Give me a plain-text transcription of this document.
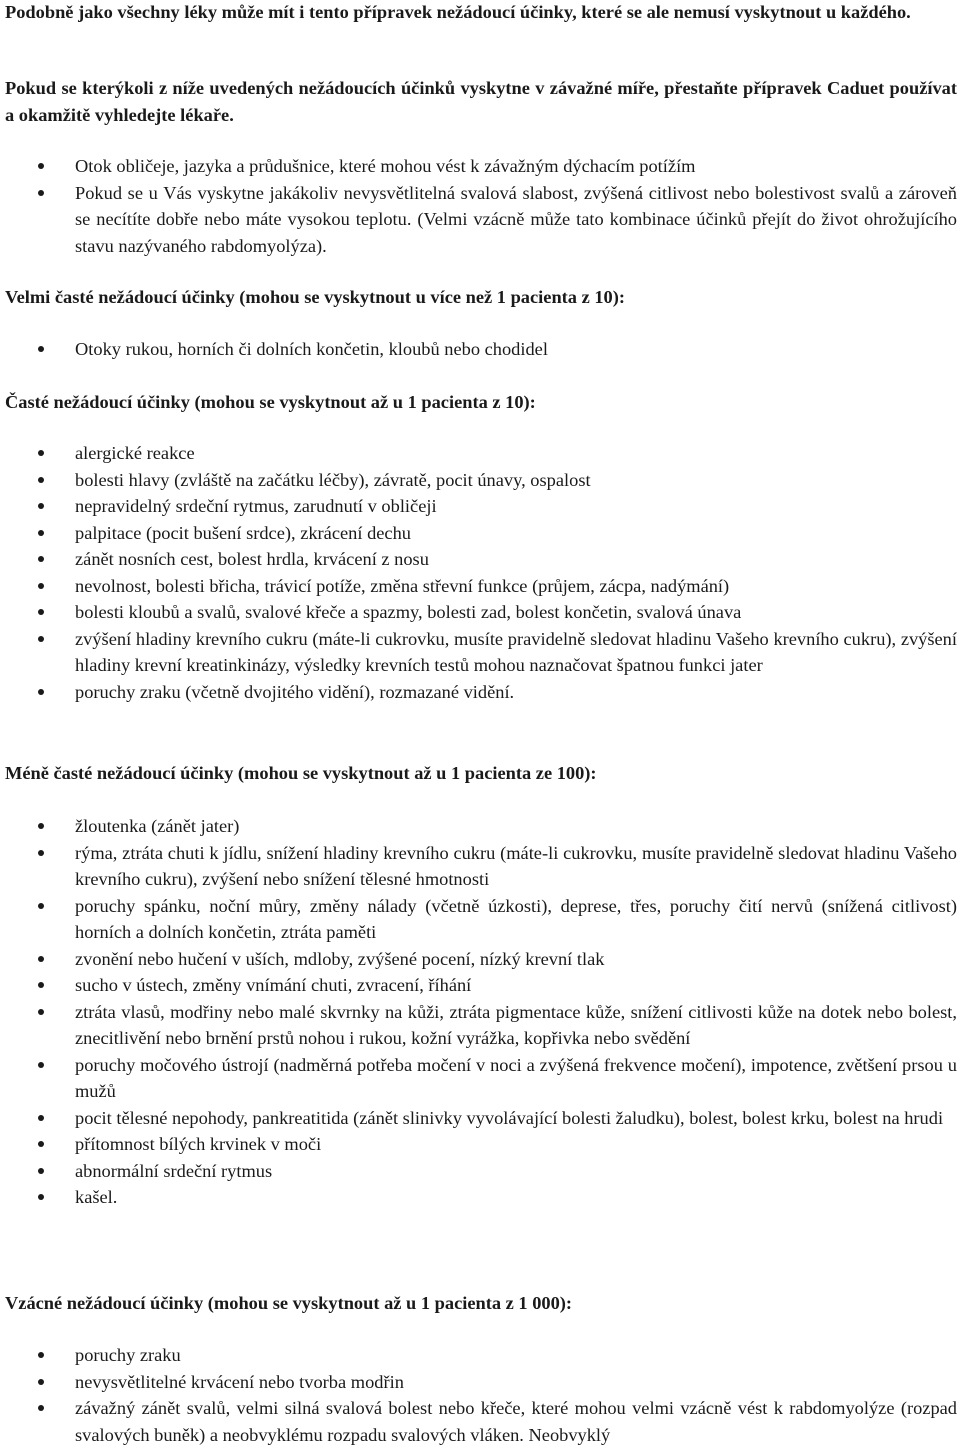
Podobně jako všechny léky může mít i tento přípravek nežádoucí účinky, které se ale nemusí vyskytnout u každého.

Pokud se kterýkoli z níže uvedených nežádoucích účinků vyskytne v závažné míře, přestaňte přípravek Caduet používat a okamžitě vyhledejte lékaře.

Otok obličeje, jazyka a průdušnice, které mohou vést k závažným dýchacím potížím
Pokud se u Vás vyskytne jakákoliv nevysvětlitelná svalová slabost, zvýšená citlivost nebo bolestivost svalů a zároveň se necítíte dobře nebo máte vysokou teplotu. (Velmi vzácně může tato kombinace účinků přejít do život ohrožujícího stavu nazývaného rabdomyolýza).

Velmi časté nežádoucí účinky (mohou se vyskytnout u více než 1 pacienta z 10):

Otoky rukou, horních či dolních končetin, kloubů nebo chodidel

Časté nežádoucí účinky (mohou se vyskytnout až u 1 pacienta z 10):

alergické reakce
bolesti hlavy (zvláště na začátku léčby), závratě, pocit únavy, ospalost
nepravidelný srdeční rytmus, zarudnutí v obličeji
palpitace (pocit bušení srdce), zkrácení dechu
zánět nosních cest, bolest hrdla, krvácení z nosu
nevolnost, bolesti břicha, trávicí potíže, změna střevní funkce (průjem, zácpa, nadýmání)
bolesti kloubů a svalů, svalové křeče a spazmy, bolesti zad, bolest končetin, svalová únava
zvýšení hladiny krevního cukru (máte-li cukrovku, musíte pravidelně sledovat hladinu Vašeho krevního cukru), zvýšení hladiny krevní kreatinkinázy, výsledky krevních testů mohou naznačovat špatnou funkci jater
poruchy zraku (včetně dvojitého vidění), rozmazané vidění.

Méně časté nežádoucí účinky (mohou se vyskytnout až u 1 pacienta ze 100):

žloutenka (zánět jater)
rýma, ztráta chuti k jídlu, snížení hladiny krevního cukru (máte-li cukrovku, musíte pravidelně sledovat hladinu Vašeho krevního cukru), zvýšení nebo snížení tělesné hmotnosti
poruchy spánku, noční můry, změny nálady (včetně úzkosti), deprese, třes, poruchy čití nervů (snížená citlivost) horních a dolních končetin, ztráta paměti
zvonění nebo hučení v uších, mdloby, zvýšené pocení, nízký krevní tlak
sucho v ústech, změny vnímání chuti, zvracení, říhání
ztráta vlasů, modřiny nebo malé skvrnky na kůži, ztráta pigmentace kůže, snížení citlivosti kůže na dotek nebo bolest, znecitlivění nebo brnění prstů nohou i rukou, kožní vyrážka, kopřivka nebo svědění
poruchy močového ústrojí (nadměrná potřeba močení v noci a zvýšená frekvence močení), impotence, zvětšení prsou u mužů
pocit tělesné nepohody, pankreatitida (zánět slinivky vyvolávající bolesti žaludku), bolest, bolest krku, bolest na hrudi
přítomnost bílých krvinek v moči
abnormální srdeční rytmus
kašel.

Vzácné nežádoucí účinky (mohou se vyskytnout až u 1 pacienta z 1 000):

poruchy zraku
nevysvětlitelné krvácení nebo tvorba modřin
závažný zánět svalů, velmi silná svalová bolest nebo křeče, které mohou velmi vzácně vést k rabdomyolýze (rozpad svalových buněk) a neobvyklému rozpadu svalových vláken. Neobvyklý
